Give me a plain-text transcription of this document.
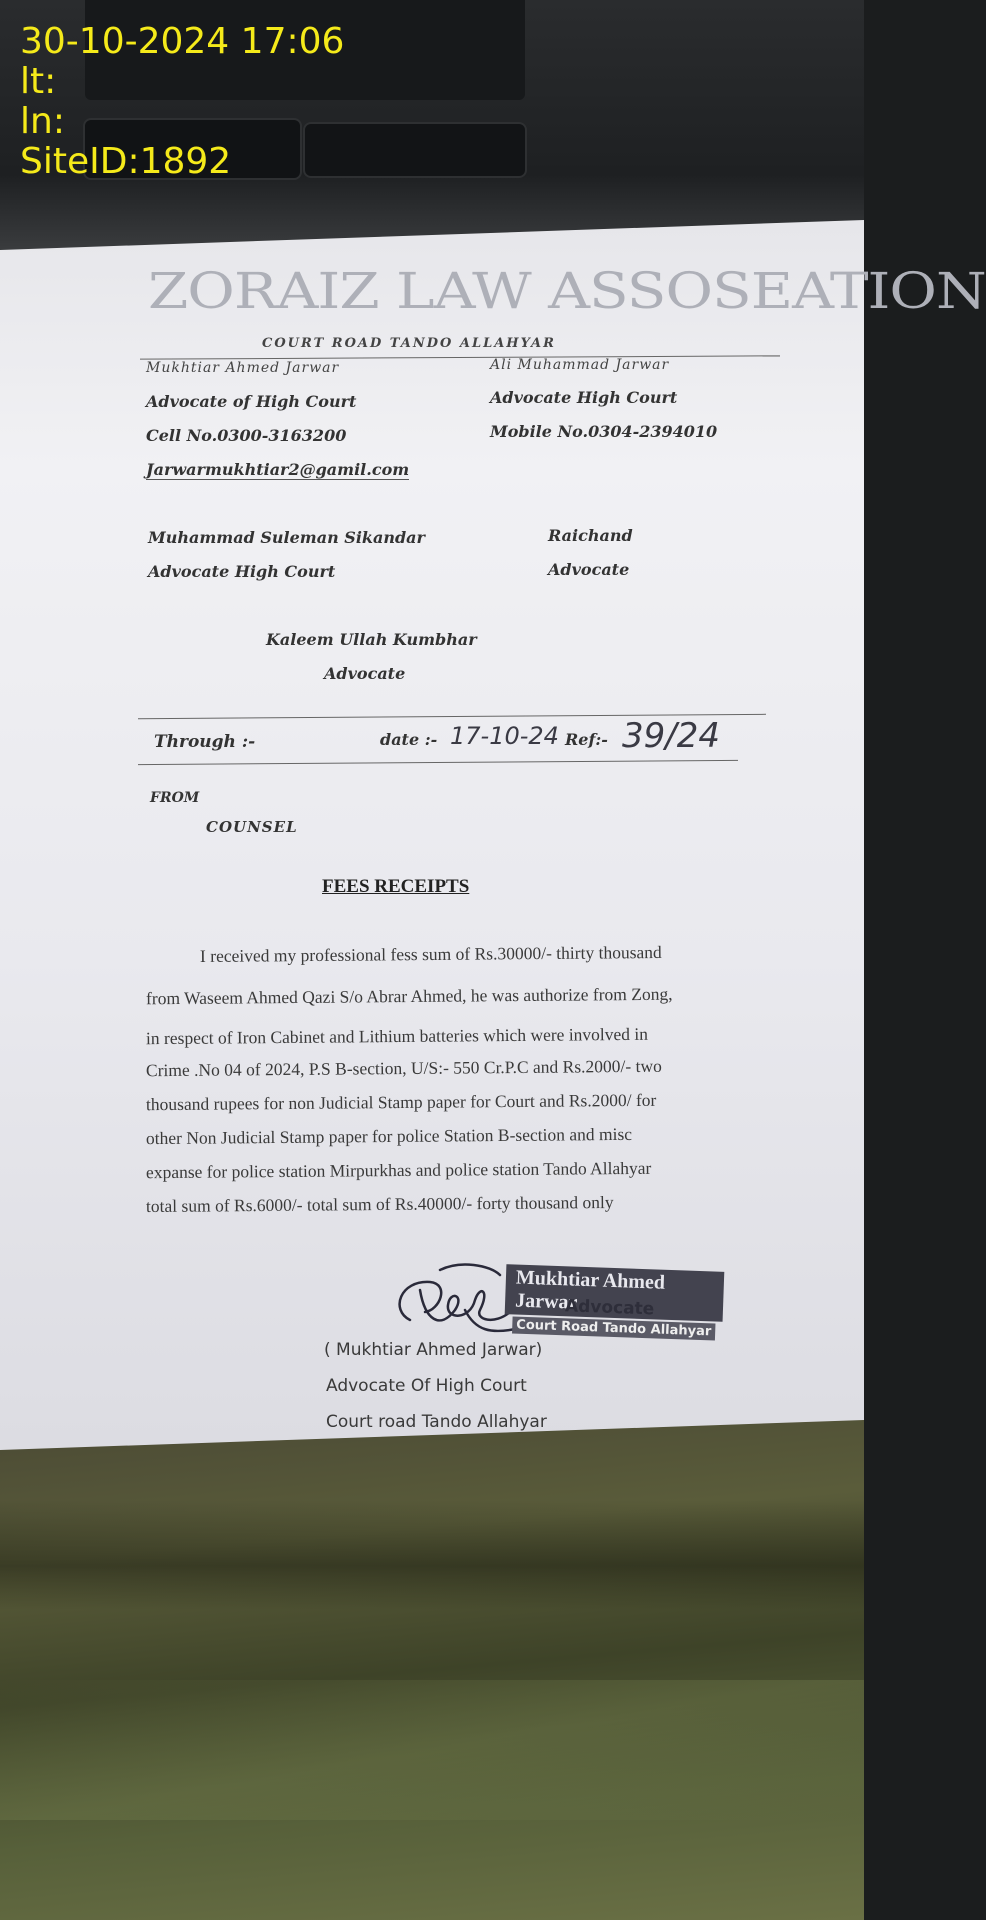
ZORAIZ LAW ASSOSEATION
COURT ROAD TANDO ALLAHYAR
Mukhtiar Ahmed Jarwar
Advocate of High Court
Cell No.0300-3163200
Jarwarmukhtiar2@gamil.com
Ali Muhammad Jarwar
Advocate High Court
Mobile No.0304-2394010
Muhammad Suleman Sikandar
Advocate High Court
Raichand
Advocate
Kaleem Ullah Kumbhar
Advocate
Through :-	date :- 17-10-24 Ref:- 39/24
FROM
COUNSEL
FEES RECEIPTS
I received my professional fess sum of Rs.30000/- thirty thousand
from Waseem Ahmed Qazi S/o Abrar Ahmed, he was authorize from Zong,
in respect of Iron Cabinet and Lithium batteries which were involved in
Crime .No 04 of 2024, P.S B-section, U/S:- 550 Cr.P.C and Rs.2000/- two
thousand rupees for non Judicial Stamp paper for Court and Rs.2000/ for
other Non Judicial Stamp paper for police Station B-section and misc
expanse for police station Mirpurkhas and police station Tando Allahyar
total sum of Rs.6000/- total sum of Rs.40000/- forty thousand only
Mukhtiar Ahmed Jarwar
Advocate
Court Road Tando Allahyar
( Mukhtiar Ahmed Jarwar)
Advocate Of High Court
Court road Tando Allahyar
30-10-2024 17:06
lt:
ln:
SiteID:1892
